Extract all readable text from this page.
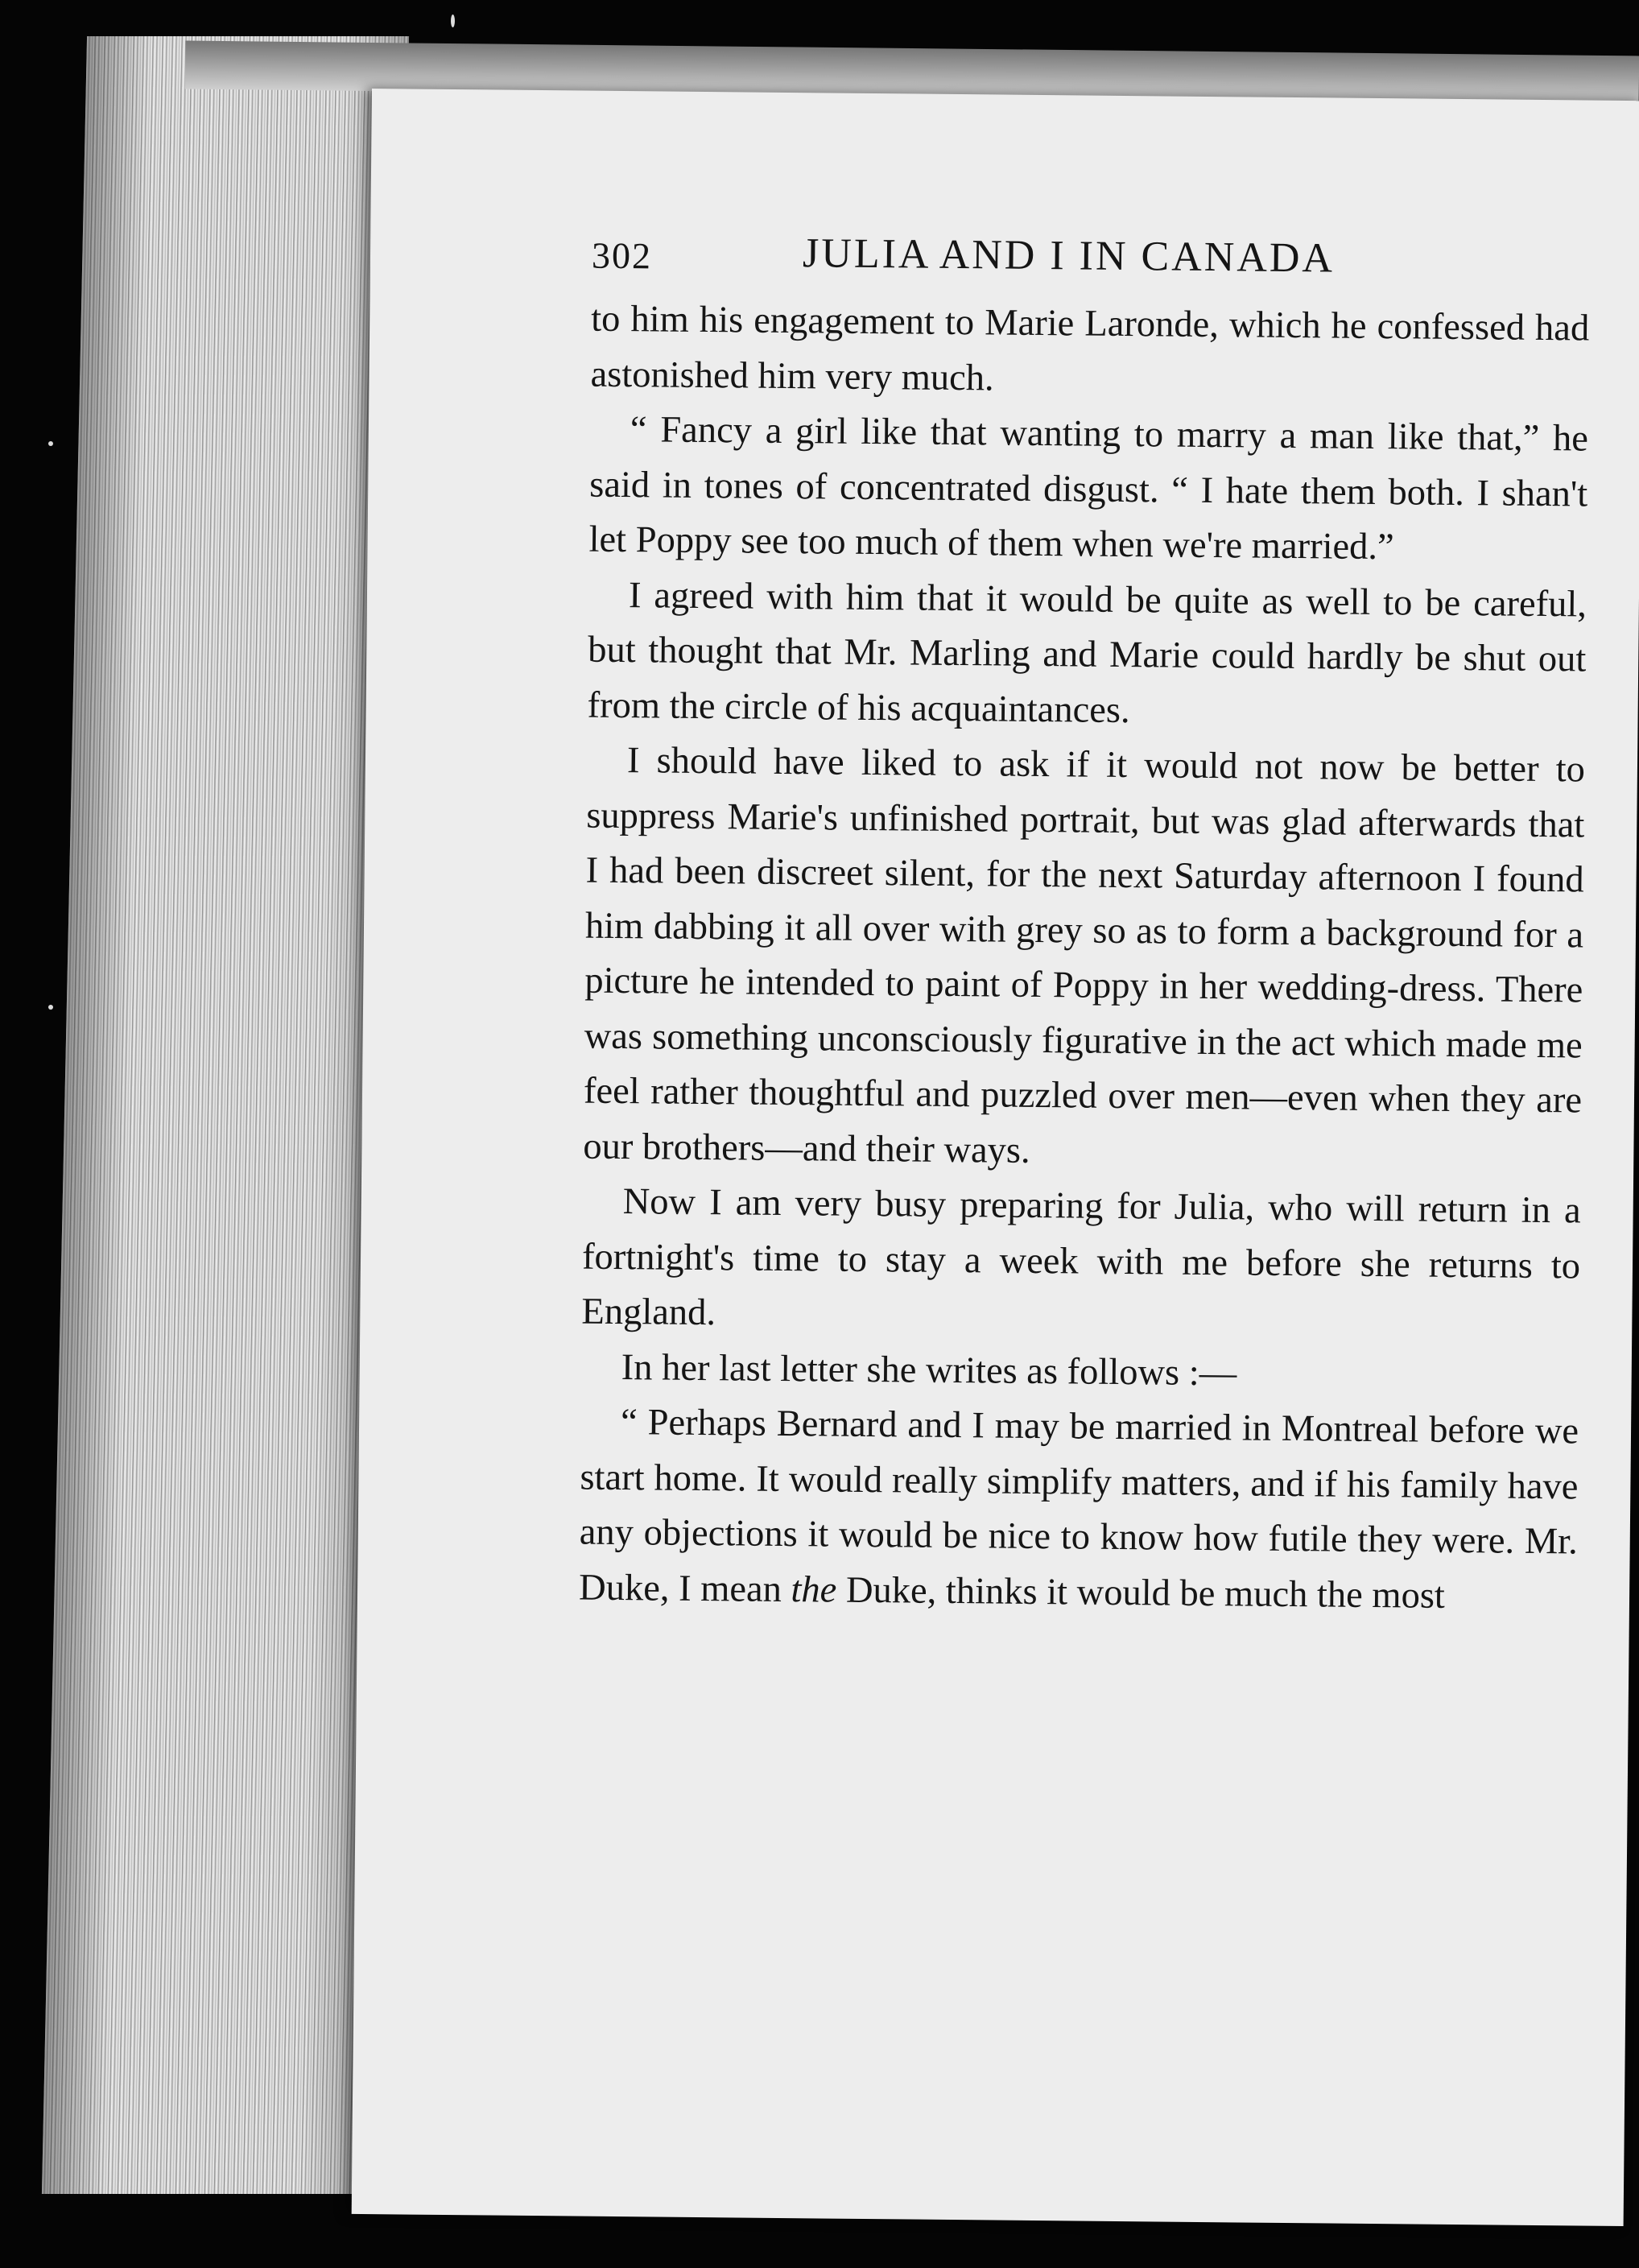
302	JULIA AND I IN CANADA

to him his engagement to Marie Laronde, which he confessed had astonished him very much.

“ Fancy a girl like that wanting to marry a man like that,” he said in tones of concentrated disgust. “ I hate them both. I shan't let Poppy see too much of them when we're married.”

I agreed with him that it would be quite as well to be careful, but thought that Mr. Marling and Marie could hardly be shut out from the circle of his acquaintances.

I should have liked to ask if it would not now be better to suppress Marie's unfinished portrait, but was glad afterwards that I had been discreet silent, for the next Saturday afternoon I found him dabbing it all over with grey so as to form a background for a picture he intended to paint of Poppy in her wedding-dress. There was something unconsciously figurative in the act which made me feel rather thoughtful and puzzled over men—even when they are our brothers—and their ways.

Now I am very busy preparing for Julia, who will return in a fortnight's time to stay a week with me before she returns to England.

In her last letter she writes as follows :—

“ Perhaps Bernard and I may be married in Montreal before we start home. It would really simplify matters, and if his family have any objections it would be nice to know how futile they were. Mr. Duke, I mean the Duke, thinks it would be much the most
